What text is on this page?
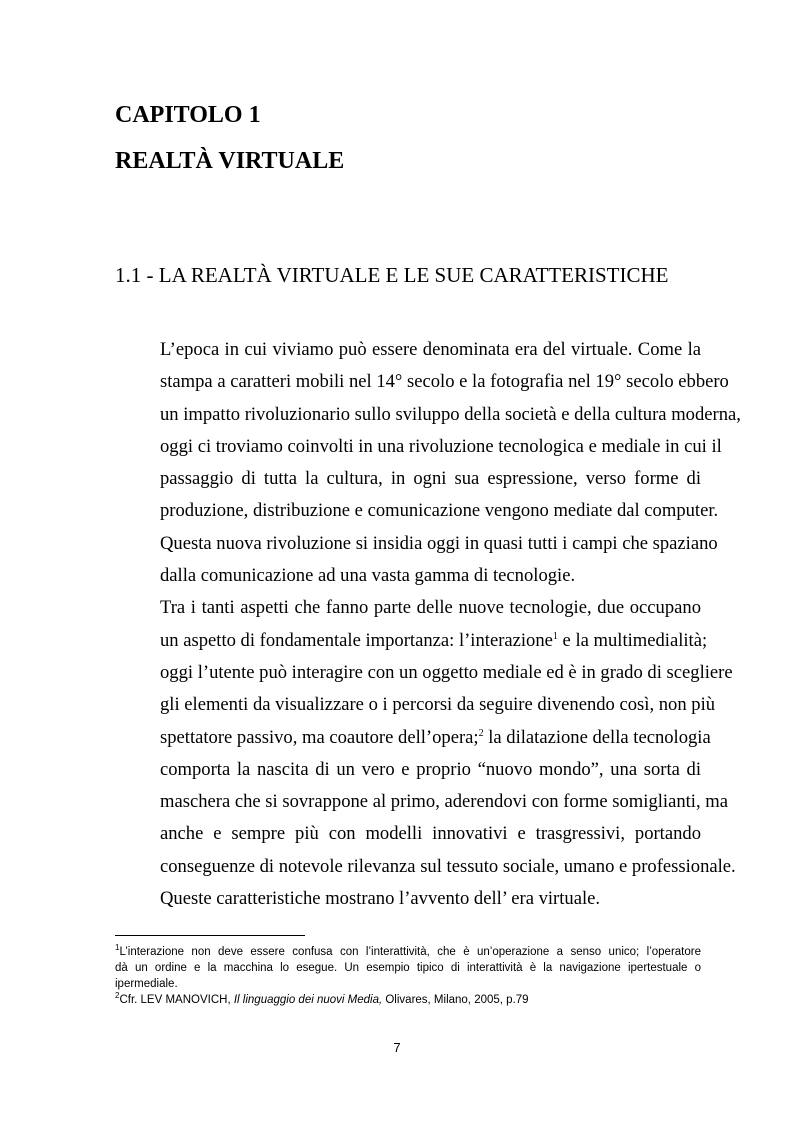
CAPITOLO 1
REALTÀ VIRTUALE
1.1 - LA REALTÀ VIRTUALE E LE SUE CARATTERISTICHE

L’epoca in cui viviamo può essere denominata era del virtuale. Come la
stampa a caratteri mobili nel 14° secolo e la fotografia nel 19° secolo ebbero
un impatto rivoluzionario sullo sviluppo della società e della cultura moderna,
oggi ci troviamo coinvolti in una rivoluzione tecnologica e mediale in cui il
passaggio di tutta la cultura, in ogni sua espressione, verso forme di
produzione, distribuzione e comunicazione vengono mediate dal computer.
Questa nuova rivoluzione si insidia oggi in quasi tutti i campi che spaziano
dalla comunicazione ad una vasta gamma di tecnologie.

Tra i tanti aspetti che fanno parte delle nuove tecnologie, due occupano
un aspetto di fondamentale importanza: l’interazione$^1$ e la multimedialità;
oggi l’utente può interagire con un oggetto mediale ed è in grado di scegliere
gli elementi da visualizzare o i percorsi da seguire divenendo così, non più
spettatore passivo, ma coautore dell’opera;$^2$ la dilatazione della tecnologia
comporta la nascita di un vero e proprio “nuovo mondo”, una sorta di
maschera che si sovrappone al primo, aderendovi con forme somiglianti, ma
anche e sempre più con modelli innovativi e trasgressivi, portando
conseguenze di notevole rilevanza sul tessuto sociale, umano e professionale.
Queste caratteristiche mostrano l’avvento dell’ era virtuale.

$^1$L’interazione non deve essere confusa con l’interattività, che è un’operazione a senso unico; l’operatore
dà un ordine e la macchina lo esegue. Un esempio tipico di interattività è la navigazione ipertestuale o
ipermediale.

$^2$Cfr. LEV MANOVICH, Il linguaggio dei nuovi Media, Olivares, Milano, 2005, p.79

7
